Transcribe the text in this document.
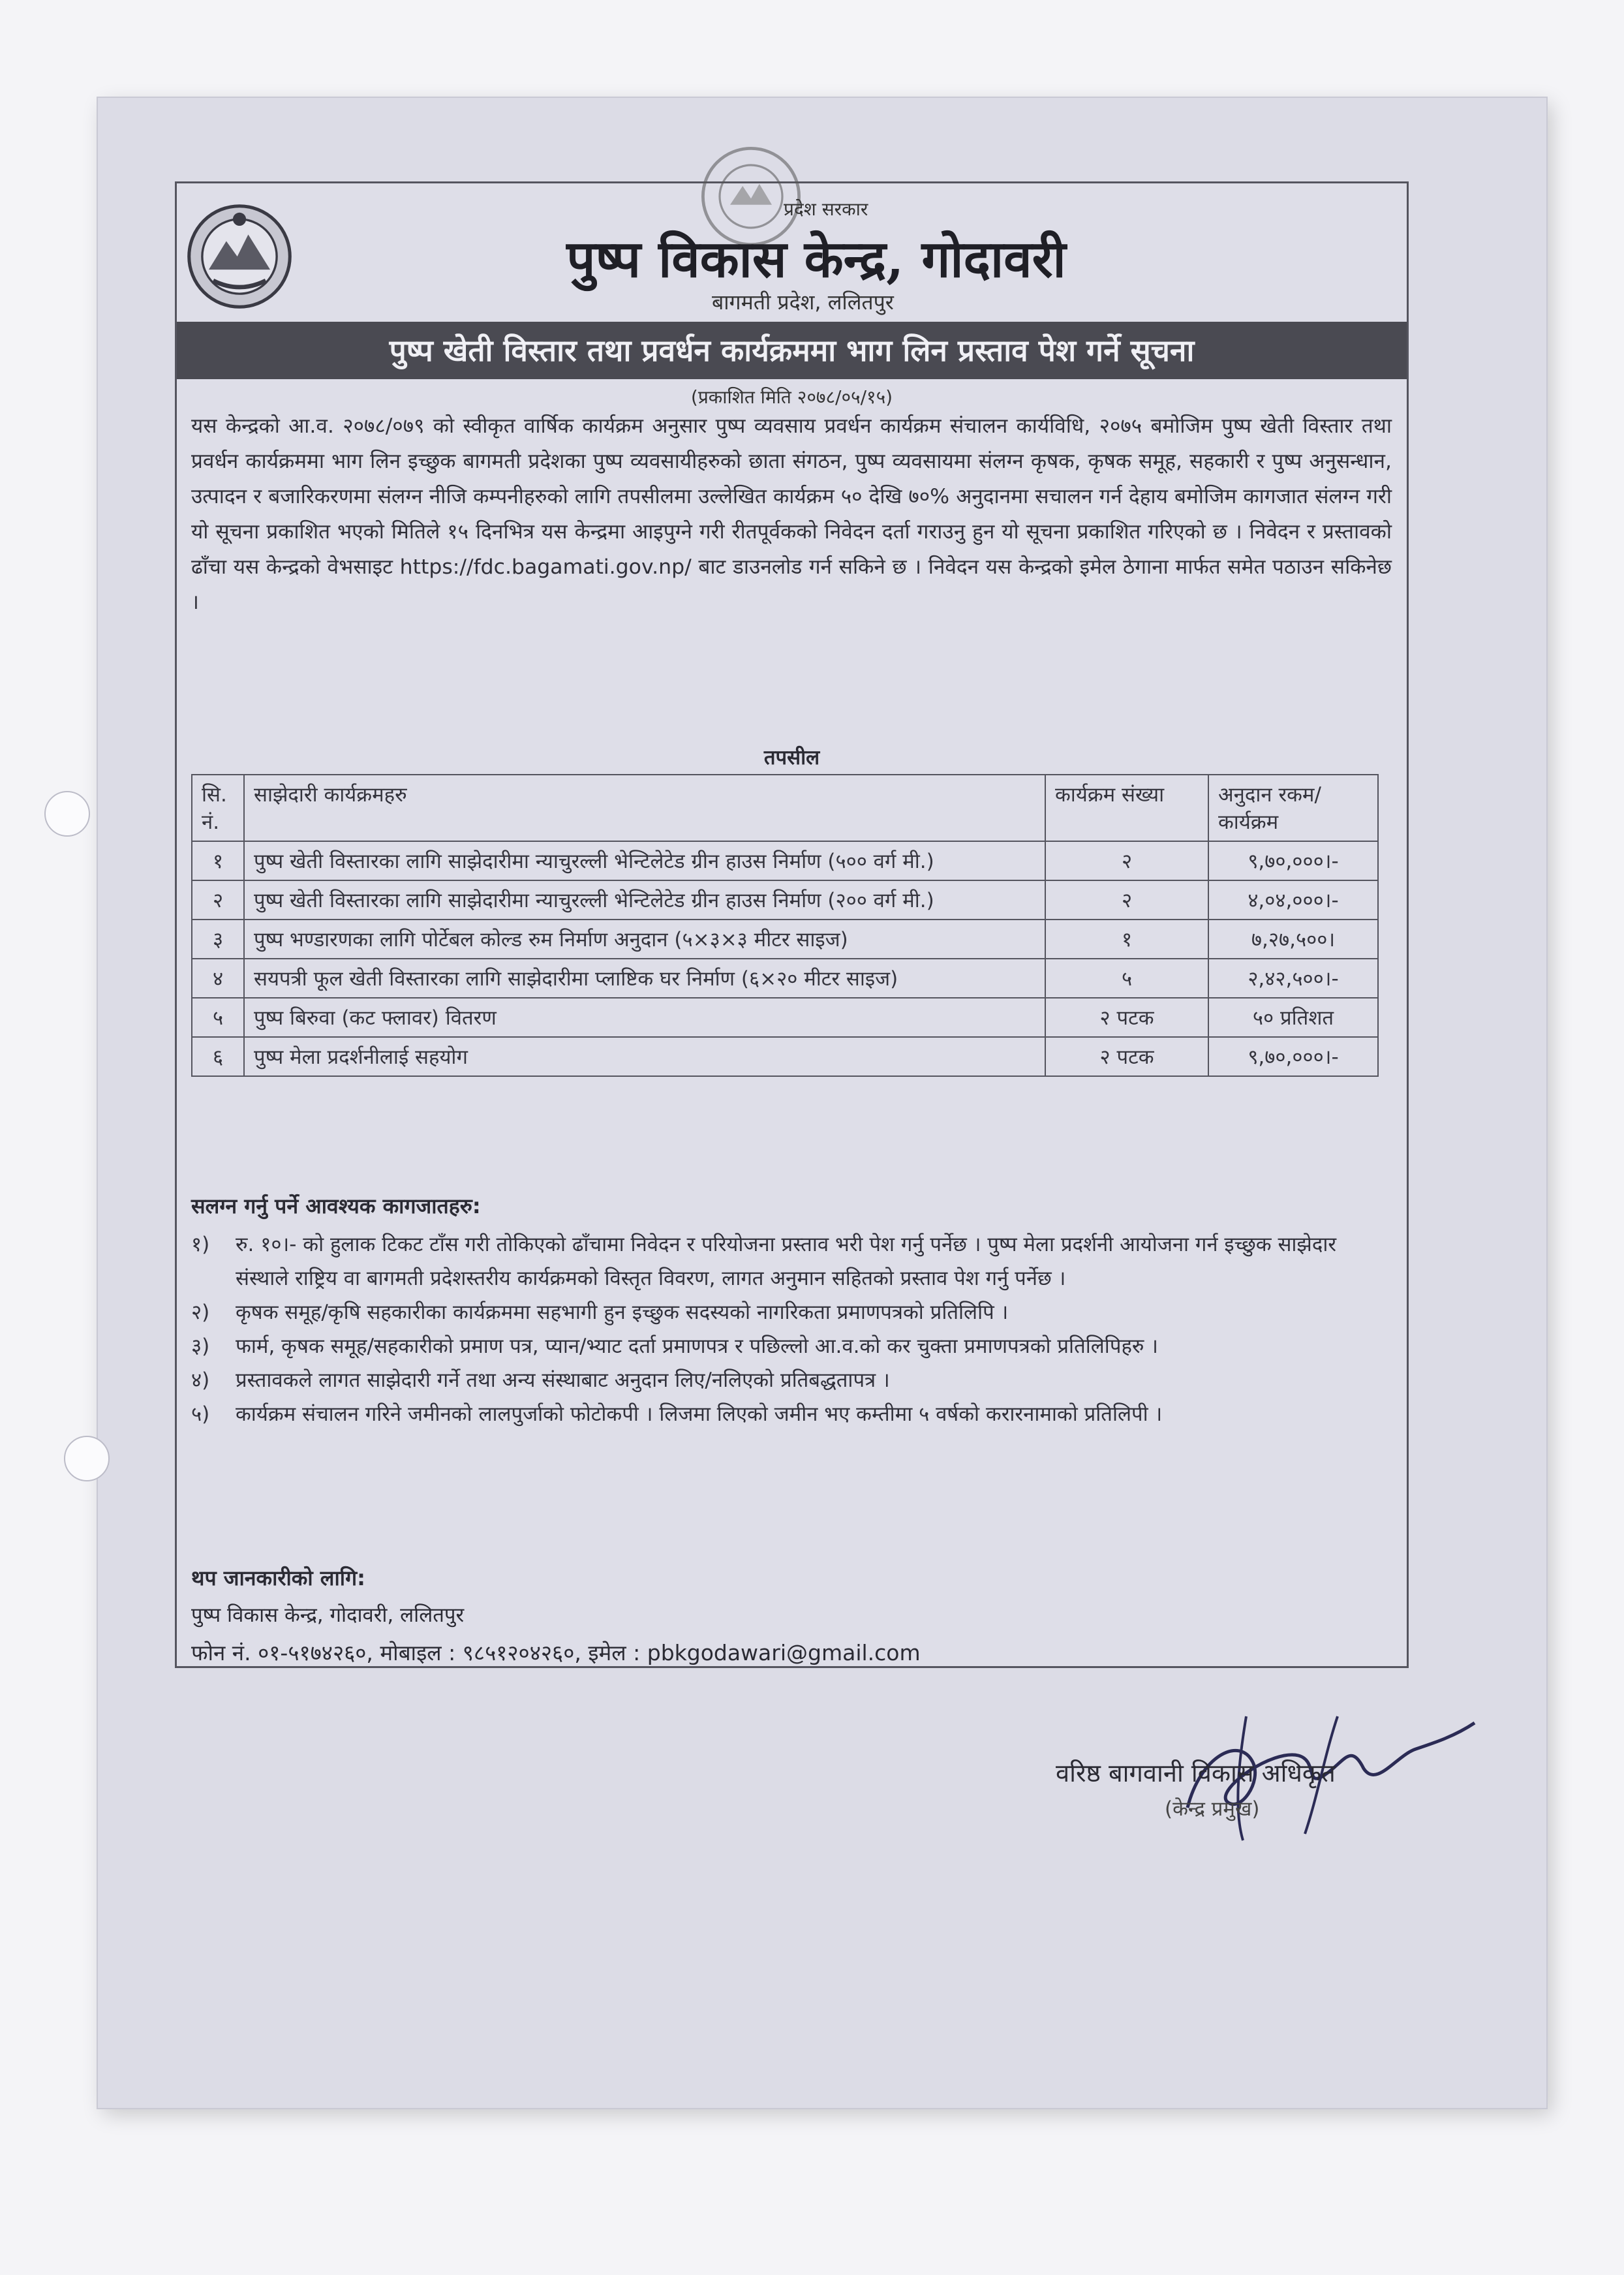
प्रदेश सरकार
पुष्प विकास केन्द्र, गोदावरी
बागमती प्रदेश, ललितपुर
पुष्प खेती विस्तार तथा प्रवर्धन कार्यक्रममा भाग लिन प्रस्ताव पेश गर्ने सूचना
(प्रकाशित मिति २०७८/०५/१५)
यस केन्द्रको आ.व. २०७८/०७९ को स्वीकृत वार्षिक कार्यक्रम अनुसार पुष्प व्यवसाय प्रवर्धन कार्यक्रम संचालन कार्यविधि, २०७५ बमोजिम पुष्प खेती विस्तार तथा प्रवर्धन कार्यक्रममा भाग लिन इच्छुक बागमती प्रदेशका पुष्प व्यवसायीहरुको छाता संगठन, पुष्प व्यवसायमा संलग्न कृषक, कृषक समूह, सहकारी र पुष्प अनुसन्धान, उत्पादन र बजारिकरणमा संलग्न नीजि कम्पनीहरुको लागि तपसीलमा उल्लेखित कार्यक्रम ५० देखि ७०% अनुदानमा सचालन गर्न देहाय बमोजिम कागजात संलग्न गरी यो सूचना प्रकाशित भएको मितिले १५ दिनभित्र यस केन्द्रमा आइपुग्ने गरी रीतपूर्वकको निवेदन दर्ता गराउनु हुन यो सूचना प्रकाशित गरिएको छ । निवेदन र प्रस्तावको ढाँचा यस केन्द्रको वेभसाइट https://fdc.bagamati.gov.np/ बाट डाउनलोड गर्न सकिने छ । निवेदन यस केन्द्रको इमेल ठेगाना मार्फत समेत पठाउन सकिनेछ ।
तपसील
सि. नं.	साझेदारी कार्यक्रमहरु	कार्यक्रम संख्या	अनुदान रकम/कार्यक्रम
१	पुष्प खेती विस्तारका लागि साझेदारीमा न्याचुरल्ली भेन्टिलेटेड ग्रीन हाउस निर्माण (५०० वर्ग मी.)	२	९,७०,०००।-
२	पुष्प खेती विस्तारका लागि साझेदारीमा न्याचुरल्ली भेन्टिलेटेड ग्रीन हाउस निर्माण (२०० वर्ग मी.)	२	४,०४,०००।-
३	पुष्प भण्डारणका लागि पोर्टेबल कोल्ड रुम निर्माण अनुदान (५×३×३ मीटर साइज)	१	७,२७,५००।
४	सयपत्री फूल खेती विस्तारका लागि साझेदारीमा प्लाष्टिक घर निर्माण (६×२० मीटर साइज)	५	२,४२,५००।-
५	पुष्प बिरुवा (कट फ्लावर) वितरण	२ पटक	५० प्रतिशत
६	पुष्प मेला प्रदर्शनीलाई सहयोग	२ पटक	९,७०,०००।-
सलग्न गर्नु पर्ने आवश्यक कागजातहरु:
१)	रु. १०।- को हुलाक टिकट टाँस गरी तोकिएको ढाँचामा निवेदन र परियोजना प्रस्ताव भरी पेश गर्नु पर्नेछ । पुष्प मेला प्रदर्शनी आयोजना गर्न इच्छुक साझेदार संस्थाले राष्ट्रिय वा बागमती प्रदेशस्तरीय कार्यक्रमको विस्तृत विवरण, लागत अनुमान सहितको प्रस्ताव पेश गर्नु पर्नेछ ।
२)	कृषक समूह/कृषि सहकारीका कार्यक्रममा सहभागी हुन इच्छुक सदस्यको नागरिकता प्रमाणपत्रको प्रतिलिपि ।
३)	फार्म, कृषक समूह/सहकारीको प्रमाण पत्र, प्यान/भ्याट दर्ता प्रमाणपत्र र पछिल्लो आ.व.को कर चुक्ता प्रमाणपत्रको प्रतिलिपिहरु ।
४)	प्रस्तावकले लागत साझेदारी गर्ने तथा अन्य संस्थाबाट अनुदान लिए/नलिएको प्रतिबद्धतापत्र ।
५)	कार्यक्रम संचालन गरिने जमीनको लालपुर्जाको फोटोकपी । लिजमा लिएको जमीन भए कम्तीमा ५ वर्षको करारनामाको प्रतिलिपी ।
थप जानकारीको लागि:
पुष्प विकास केन्द्र, गोदावरी, ललितपुर
फोन नं. ०१-५१७४२६०, मोबाइल : ९८५१२०४२६०, इमेल : pbkgodawari@gmail.com
वरिष्ठ बागवानी विकास अधिकृत
(केन्द्र प्रमुख)
